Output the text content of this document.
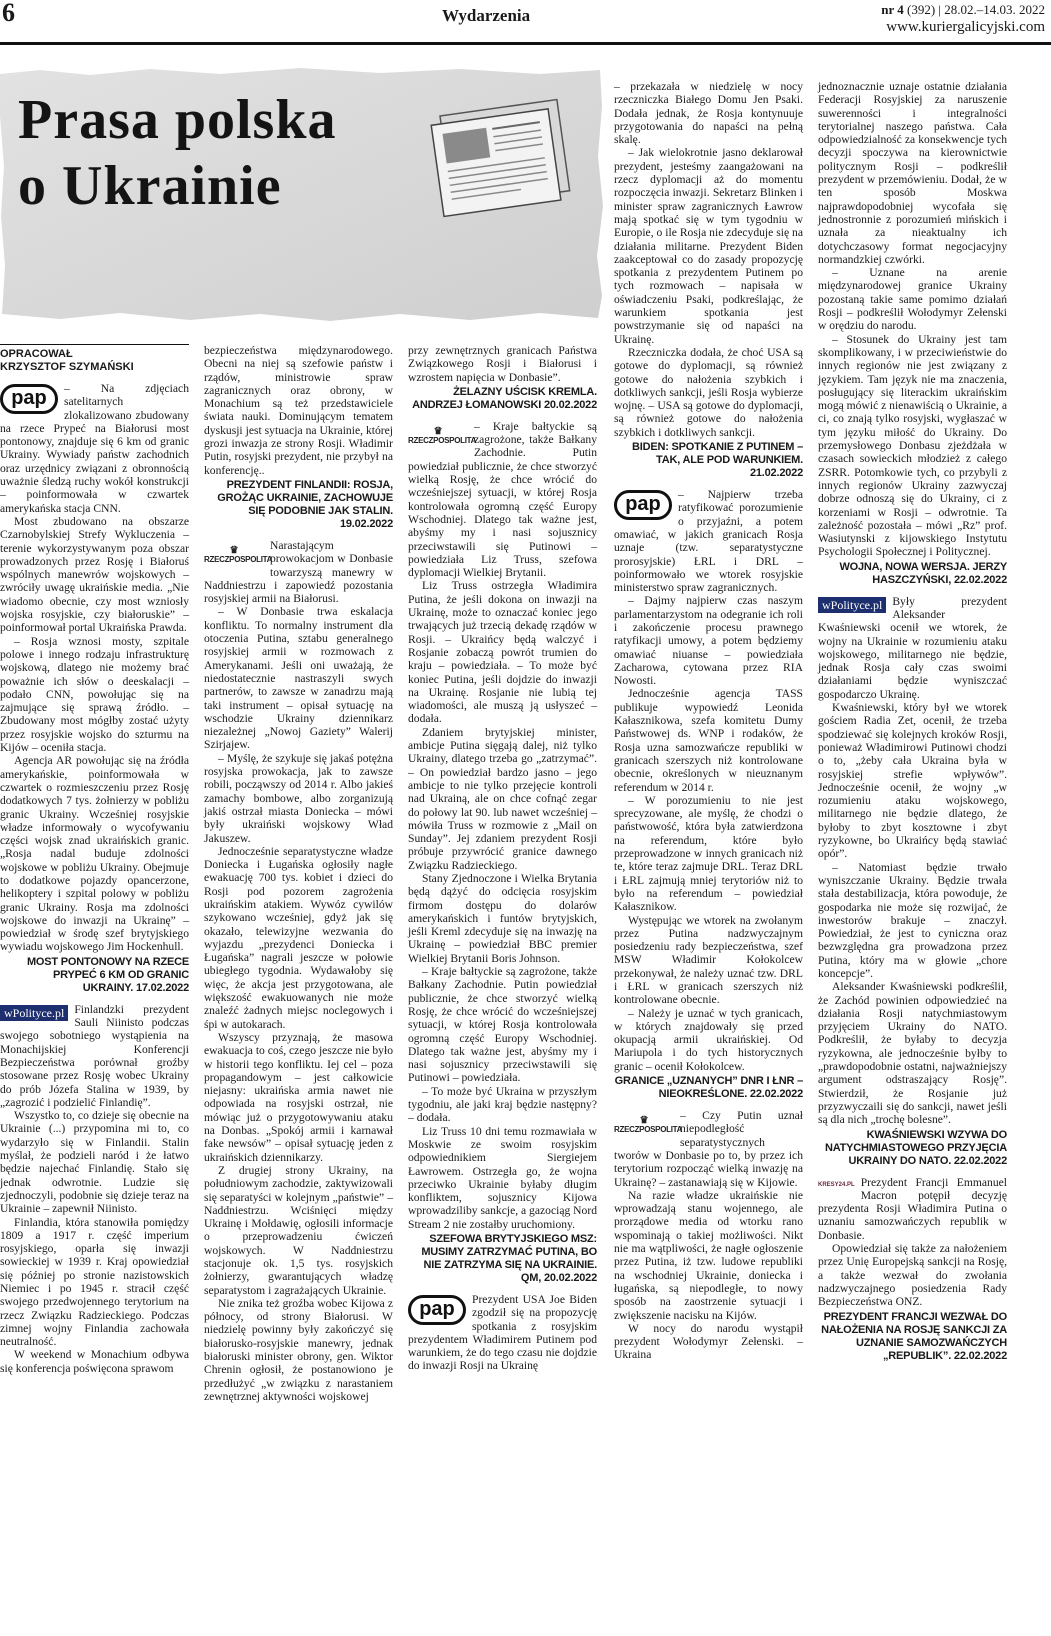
6	Wydarzenia	nr 4 (392) | 28.02.–14.03. 2022
www.kuriergalicyjski.com
Prasa polska
o Ukrainie
OPRACOWAŁ
KRZYSZTOF SZYMAŃSKI
pap	– Na zdjęciach satelitarnych zlokalizowano zbudowany na rzece Prypeć na Białorusi most pontonowy, znajduje się 6 km od granic Ukrainy. Wywiady państw zachodnich oraz urzędnicy związani z obronnością uważnie śledzą ruchy wokół konstrukcji – poinformowała w czwartek amerykańska stacja CNN.

Most zbudowano na obszarze Czarnobylskiej Strefy Wykluczenia – terenie wykorzystywanym poza obszar prowadzonych przez Rosję i Białoruś wspólnych manewrów wojskowych – zwróciły uwagę ukraińskie media. „Nie wiadomo obecnie, czy most wzniosły wojska rosyjskie, czy białoruskie” – poinformował portal Ukraińska Prawda.

– Rosja wznosi mosty, szpitale polowe i innego rodzaju infrastrukturę wojskową, dlatego nie możemy brać poważnie ich słów o deeskalacji – podało CNN, powołując się na zajmujące się sprawą źródło. – Zbudowany most mógłby zostać użyty przez rosyjskie wojsko do szturmu na Kijów – oceniła stacja.

Agencja AR powołując się na źródła amerykańskie, poinformowała w czwartek o rozmieszczeniu przez Rosję dodatkowych 7 tys. żołnierzy w pobliżu granic Ukrainy. Wcześniej rosyjskie władze informowały o wycofywaniu części wojsk znad ukraińskich granic. „Rosja nadal buduje zdolności wojskowe w pobliżu Ukrainy. Obejmuje to dodatkowe pojazdy opancerzone, helikoptery i szpital polowy w pobliżu granic Ukrainy. Rosja ma zdolności wojskowe do inwazji na Ukrainę” – powiedział w środę szef brytyjskiego wywiadu wojskowego Jim Hockenhull.

MOST PONTONOWY NA RZECE PRYPEĆ 6 KM OD GRANIC UKRAINY. 17.02.2022
wPolityce.pl Finlandzki prezydent Sauli Niinisto podczas swojego sobotniego wystąpienia na Monachijskiej Konferencji Bezpieczeństwa porównał groźby stosowane przez Rosję wobec Ukrainy do prób Józefa Stalina w 1939, by „zagrozić i podzielić Finlandię”.

Wszystko to, co dzieje się obecnie na Ukrainie (...) przypomina mi to, co wydarzyło się w Finlandii. Stalin myślał, że podzieli naród i że łatwo będzie najechać Finlandię. Stało się jednak odwrotnie. Ludzie się zjednoczyli, podobnie się dzieje teraz na Ukrainie – zapewnił Niinisto.

Finlandia, która stanowiła pomiędzy 1809 a 1917 r. część imperium rosyjskiego, oparła się inwazji sowieckiej w 1939 r. Kraj opowiedział się później po stronie nazistowskich Niemiec i po 1945 r. stracił część swojego przedwojennego terytorium na rzecz Związku Radzieckiego. Podczas zimnej wojny Finlandia zachowała neutralność.

W weekend w Monachium odbywa się konferencja poświęcona sprawom

bezpieczeństwa międzynarodowego. Obecni na niej są szefowie państw i rządów, ministrowie spraw zagranicznych oraz obrony, w Monachium są też przedstawiciele świata nauki. Dominującym tematem dyskusji jest sytuacja na Ukrainie, której grozi inwazja ze strony Rosji. Władimir Putin, rosyjski prezydent, nie przybył na konferencję..

PREZYDENT FINLANDII: ROSJA, GROŻĄC UKRAINIE, ZACHOWUJE SIĘ PODOBNIE JAK STALIN. 19.02.2022
♛
RZECZPOSPOLITA

Narastającym prowokacjom w Donbasie towarzyszą manewry w Naddniestrzu i zapowiedź pozostania rosyjskiej armii na Białorusi.

– W Donbasie trwa eskalacja konfliktu. To normalny instrument dla otoczenia Putina, sztabu generalnego rosyjskiej armii w rozmowach z Amerykanami. Jeśli oni uważają, że niedostatecznie nastraszyli swych partnerów, to zawsze w zanadrzu mają taki instrument – opisał sytuację na wschodzie Ukrainy dziennikarz niezależnej „Nowoj Gaziety” Walerij Szirjajew.

– Myślę, że szykuje się jakaś potężna rosyjska prowokacja, jak to zawsze robili, począwszy od 2014 r. Albo jakieś zamachy bombowe, albo zorganizują jakiś ostrzał miasta Doniecka – mówi były ukraiński wojskowy Wład Jakuszew.

Jednocześnie separatystyczne władze Doniecka i Ługańska ogłosiły nagłe ewakuację 700 tys. kobiet i dzieci do Rosji pod pozorem zagrożenia ukraińskim atakiem. Wywóz cywilów szykowano wcześniej, gdyż jak się okazało, telewizyjne wezwania do wyjazdu „prezydenci Doniecka i Ługańska” nagrali jeszcze w połowie ubiegłego tygodnia. Wydawałoby się więc, że akcja jest przygotowana, ale większość ewakuowanych nie może znaleźć żadnych miejsc noclegowych i śpi w autokarach.

Wszyscy przyznają, że masowa ewakuacja to coś, czego jeszcze nie było w historii tego konfliktu. Iej cel – poza propagandowym – jest całkowicie niejasny: ukraińska armia nawet nie odpowiada na rosyjski ostrzał, nie mówiąc już o przygotowywaniu ataku na Donbas. „Spokój armii i karnawał fake newsów” – opisał sytuację jeden z ukraińskich dziennikarzy.

Z drugiej strony Ukrainy, na południowym zachodzie, zaktywizowali się separatyści w kolejnym „państwie” – Naddniestrzu. Wciśnięci między Ukrainę i Mołdawię, ogłosili informacje o przeprowadzeniu ćwiczeń wojskowych. W Naddniestrzu stacjonuje ok. 1,5 tys. rosyjskich żołnierzy, gwarantujących władzę separatystom i zagrażających Ukrainie.

Nie znika też groźba wobec Kijowa z północy, od strony Białorusi. W niedzielę powinny były zakończyć się białorusko-rosyjskie manewry, jednak białoruski minister obrony, gen. Wiktor Chrenin ogłosił, że postanowiono je przedłużyć „w związku z narastaniem zewnętrznej aktywności wojskowej

przy zewnętrznych granicach Państwa Związkowego Rosji i Białorusi i wzrostem napięcia w Donbasie”.

ŻELAZNY UŚCISK KREMLA. ANDRZEJ ŁOMANOWSKI 20.02.2022
♛
RZECZPOSPOLITA

– Kraje bałtyckie są zagrożone, także Bałkany Zachodnie. Putin powiedział publicznie, że chce stworzyć wielką Rosję, że chce wrócić do wcześniejszej sytuacji, w której Rosja kontrolowała ogromną część Europy Wschodniej. Dlatego tak ważne jest, abyśmy my i nasi sojusznicy przeciwstawili się Putinowi – powiedziała Liz Truss, szefowa dyplomacji Wielkiej Brytanii.

Liz Truss ostrzegła Władimira Putina, że jeśli dokona on inwazji na Ukrainę, może to oznaczać koniec jego trwających już trzecią dekadę rządów w Rosji. – Ukraińcy będą walczyć i Rosjanie zobaczą powrót trumien do kraju – powiedziała. – To może być koniec Putina, jeśli dojdzie do inwazji na Ukrainę. Rosjanie nie lubią tej wiadomości, ale muszą ją usłyszeć – dodała.

Zdaniem brytyjskiej minister, ambicje Putina sięgają dalej, niż tylko Ukrainy, dlatego trzeba go „zatrzymać”. – On powiedział bardzo jasno – jego ambicje to nie tylko przejęcie kontroli nad Ukrainą, ale on chce cofnąć zegar do połowy lat 90. lub nawet wcześniej – mówiła Truss w rozmowie z „Mail on Sunday”. Jej zdaniem prezydent Rosji próbuje przywrócić granice dawnego Związku Radzieckiego.

Stany Zjednoczone i Wielka Brytania będą dążyć do odcięcia rosyjskim firmom dostępu do dolarów amerykańskich i funtów brytyjskich, jeśli Kreml zdecyduje się na inwazję na Ukrainę – powiedział BBC premier Wielkiej Brytanii Boris Johnson.

– Kraje bałtyckie są zagrożone, także Bałkany Zachodnie. Putin powiedział publicznie, że chce stworzyć wielką Rosję, że chce wrócić do wcześniejszej sytuacji, w której Rosja kontrolowała ogromną część Europy Wschodniej. Dlatego tak ważne jest, abyśmy my i nasi sojusznicy przeciwstawili się Putinowi – powiedziała.

– To może być Ukraina w przyszłym tygodniu, ale jaki kraj będzie następny? – dodała.

Liz Truss 10 dni temu rozmawiała w Moskwie ze swoim rosyjskim odpowiednikiem Siergiejem Ławrowem. Ostrzegła go, że wojna przeciwko Ukrainie byłaby długim konfliktem, sojusznicy Kijowa wprowadziliby sankcje, a gazociąg Nord Stream 2 nie zostałby uruchomiony.

SZEFOWA BRYTYJSKIEGO MSZ: MUSIMY ZATRZYMAĆ PUTINA, BO NIE ZATRZYMA SIĘ NA UKRAINIE. QM, 20.02.2022
pap	Prezydent USA Joe Biden zgodził się na propozycję spotkania z rosyjskim prezydentem Władimirem Putinem pod warunkiem, że do tego czasu nie dojdzie do inwazji Rosji na Ukrainę

– przekazała w niedzielę w nocy rzeczniczka Białego Domu Jen Psaki. Dodała jednak, że Rosja kontynuuje przygotowania do napaści na pełną skalę.

– Jak wielokrotnie jasno deklarował prezydent, jesteśmy zaangażowani na rzecz dyplomacji aż do momentu rozpoczęcia inwazji. Sekretarz Blinken i minister spraw zagranicznych Ławrow mają spotkać się w tym tygodniu w Europie, o ile Rosja nie zdecyduje się na działania militarne. Prezydent Biden zaakceptował co do zasady propozycję spotkania z prezydentem Putinem po tych rozmowach – napisała w oświadczeniu Psaki, podkreślając, że warunkiem spotkania jest powstrzymanie się od napaści na Ukrainę.

Rzeczniczka dodała, że choć USA są gotowe do dyplomacji, są również gotowe do nałożenia szybkich i dotkliwych sankcji, jeśli Rosja wybierze wojnę. – USA są gotowe do dyplomacji, są również gotowe do nałożenia szybkich i dotkliwych sankcji.

BIDEN: SPOTKANIE Z PUTINEM – TAK, ALE POD WARUNKIEM. 21.02.2022
pap	– Najpierw trzeba ratyfikować porozumienie o przyjaźni, a potem omawiać, w jakich granicach Rosja uznaje (tzw. separatystyczne prorosyjskie) ŁRL i DRL – poinformowało we wtorek rosyjskie ministerstwo spraw zagranicznych.

– Dajmy najpierw czas naszym parlamentarzystom na odegranie ich roli i zakończenie procesu prawnego ratyfikacji umowy, a potem będziemy omawiać niuanse – powiedziała Zacharowa, cytowana przez RIA Nowosti.

Jednocześnie agencja TASS publikuje wypowiedź Leonida Kałasznikowa, szefa komitetu Dumy Państwowej ds. WNP i rodaków, że Rosja uzna samozwańcze republiki w granicach szerszych niż kontrolowane obecnie, określonych w nieuznanym referendum w 2014 r.

– W porozumieniu to nie jest sprecyzowane, ale myślę, że chodzi o państwowość, która była zatwierdzona na referendum, które było przeprowadzone w innych granicach niż te, które teraz zajmuje DRL. Teraz DRL i ŁRL zajmują mniej terytoriów niż to było na referendum – powiedział Kałasznikow.

Występując we wtorek na zwołanym przez Putina nadzwyczajnym posiedzeniu rady bezpieczeństwa, szef MSW Władimir Kołokolcew przekonywał, że należy uznać tzw. DRL i ŁRL w granicach szerszych niż kontrolowane obecnie.

– Należy je uznać w tych granicach, w których znajdowały się przed okupacją armii ukraińskiej. Od Mariupola i do tych historycznych granic – ocenił Kołokolcew.

GRANICE „UZNANYCH” DNR I ŁNR – NIEOKREŚLONE. 22.02.2022
♛
RZECZPOSPOLITA

– Czy Putin uznał niepodległość separatystycznych tworów w Donbasie po to, by przez ich terytorium rozpocząć wielką inwazję na Ukrainę? – zastanawiają się w Kijowie.

Na razie władze ukraińskie nie wprowadzają stanu wojennego, ale prorządowe media od wtorku rano wspominają o takiej możliwości. Nikt nie ma wątpliwości, że nagłe ogłoszenie przez Putina, iż tzw. ludowe republiki na wschodniej Ukrainie, doniecka i ługańska, są niepodległe, to nowy sposób na zaostrzenie sytuacji i zwiększenie nacisku na Kijów.

W nocy do narodu wystąpił prezydent Wołodymyr Zełenski. – Ukraina

jednoznacznie uznaje ostatnie działania Federacji Rosyjskiej za naruszenie suwerenności i integralności terytorialnej naszego państwa. Cała odpowiedzialność za konsekwencje tych decyzji spoczywa na kierownictwie politycznym Rosji – podkreślił prezydent w przemówieniu. Dodał, że w ten sposób Moskwa najprawdopodobniej wycofała się jednostronnie z porozumień mińskich i uznała za nieaktualny ich dotychczasowy format negocjacyjny normandzkiej czwórki.

– Uznane na arenie międzynarodowej granice Ukrainy pozostaną takie same pomimo działań Rosji – podkreślił Wołodymyr Zełenski w orędziu do narodu.

– Stosunek do Ukrainy jest tam skomplikowany, i w przeciwieństwie do innych regionów nie jest związany z językiem. Tam język nie ma znaczenia, posługujący się literackim ukraińskim mogą mówić z nienawiścią o Ukrainie, a ci, co znają tylko rosyjski, wygłaszać w tym języku miłość do Ukrainy. Do przemysłowego Donbasu zjeżdżała w czasach sowieckich młodzież z całego ZSRR. Potomkowie tych, co przybyli z innych regionów Ukrainy zazwyczaj dobrze odnoszą się do Ukrainy, ci z korzeniami w Rosji – odwrotnie. Ta zależność pozostała – mówi „Rz” prof. Wasiutynski z kijowskiego Instytutu Psychologii Społecznej i Politycznej.

WOJNA, NOWA WERSJA. JERZY HASZCZYŃSKI, 22.02.2022
wPolityce.pl Były prezydent Aleksander Kwaśniewski ocenił we wtorek, że wojny na Ukrainie w rozumieniu ataku wojskowego, militarnego nie będzie, jednak Rosja cały czas swoimi działaniami będzie wyniszczać gospodarczo Ukrainę.

Kwaśniewski, który był we wtorek gościem Radia Zet, ocenił, że trzeba spodziewać się kolejnych kroków Rosji, ponieważ Władimirowi Putinowi chodzi o to, „żeby cała Ukraina była w rosyjskiej strefie wpływów”. Jednocześnie ocenił, że wojny „w rozumieniu ataku wojskowego, militarnego nie będzie dlatego, że byłoby to zbyt kosztowne i zbyt ryzykowne, bo Ukraińcy będą stawiać opór”.

– Natomiast będzie trwało wyniszczanie Ukrainy. Będzie trwała stała destabilizacja, która powoduje, że gospodarka nie może się rozwijać, że inwestorów brakuje – znaczył. Powiedział, że jest to cyniczna oraz bezwzględna gra prowadzona przez Putina, który ma w głowie „chore koncepcje”.

Aleksander Kwaśniewski podkreślił, że Zachód powinien odpowiedzieć na działania Rosji natychmiastowym przyjęciem Ukrainy do NATO. Podkreślił, że byłaby to decyzja ryzykowna, ale jednocześnie byłby to „prawdopodobnie ostatni, najważniejszy argument odstraszający Rosję”. Stwierdził, że Rosjanie już przyzwyczaili się do sankcji, nawet jeśli są dla nich „trochę bolesne”.

KWAŚNIEWSKI WZYWA DO NATYCHMIASTOWEGO PRZYJĘCIA UKRAINY DO NATO. 22.02.2022
KRESY24.PL Prezydent Francji Emmanuel Macron potępił decyzję prezydenta Rosji Władimira Putina o uznaniu samozwańczych republik w Donbasie.

Opowiedział się także za nałożeniem przez Unię Europejską sankcji na Rosję, a także wezwał do zwołania nadzwyczajnego posiedzenia Rady Bezpieczeństwa ONZ.

PREZYDENT FRANCJI WEZWAŁ DO NAŁOŻENIA NA ROSJĘ SANKCJI ZA UZNANIE SAMOZWAŃCZYCH „REPUBLIK”. 22.02.2022
